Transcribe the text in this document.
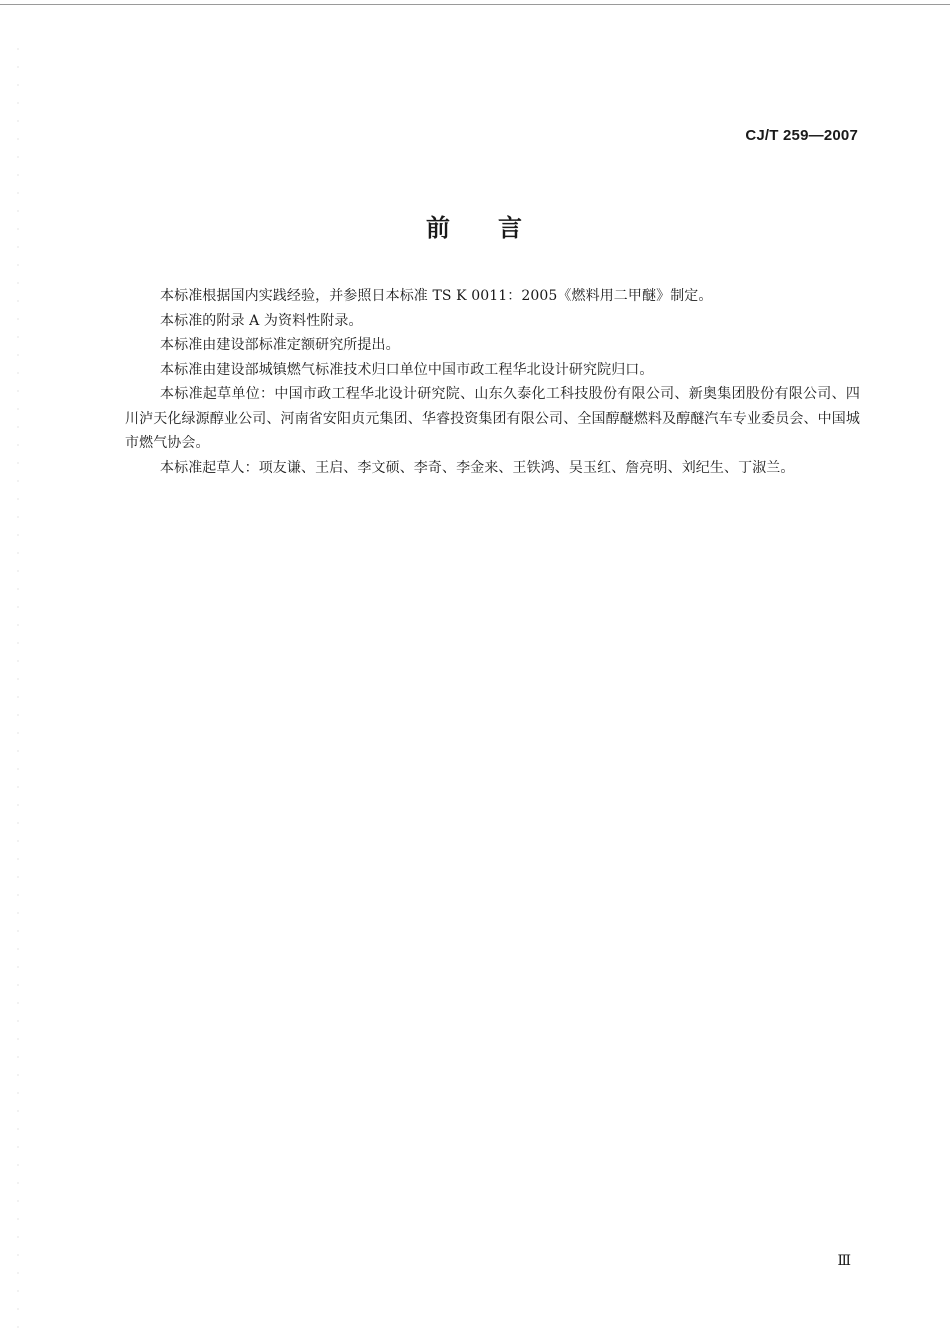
CJ/T 259—2007
前 言

本标准根据国内实践经验，并参照日本标准 TS K 0011：2005《燃料用二甲醚》制定。

本标准的附录 A 为资料性附录。

本标准由建设部标准定额研究所提出。

本标准由建设部城镇燃气标准技术归口单位中国市政工程华北设计研究院归口。

本标准起草单位：中国市政工程华北设计研究院、山东久泰化工科技股份有限公司、新奥集团股份有限公司、四川泸天化绿源醇业公司、河南省安阳贞元集团、华睿投资集团有限公司、全国醇醚燃料及醇醚汽车专业委员会、中国城市燃气协会。

本标准起草人：项友谦、王启、李文硕、李奇、李金来、王铁鸿、吴玉红、詹亮明、刘纪生、丁淑兰。

Ⅲ
